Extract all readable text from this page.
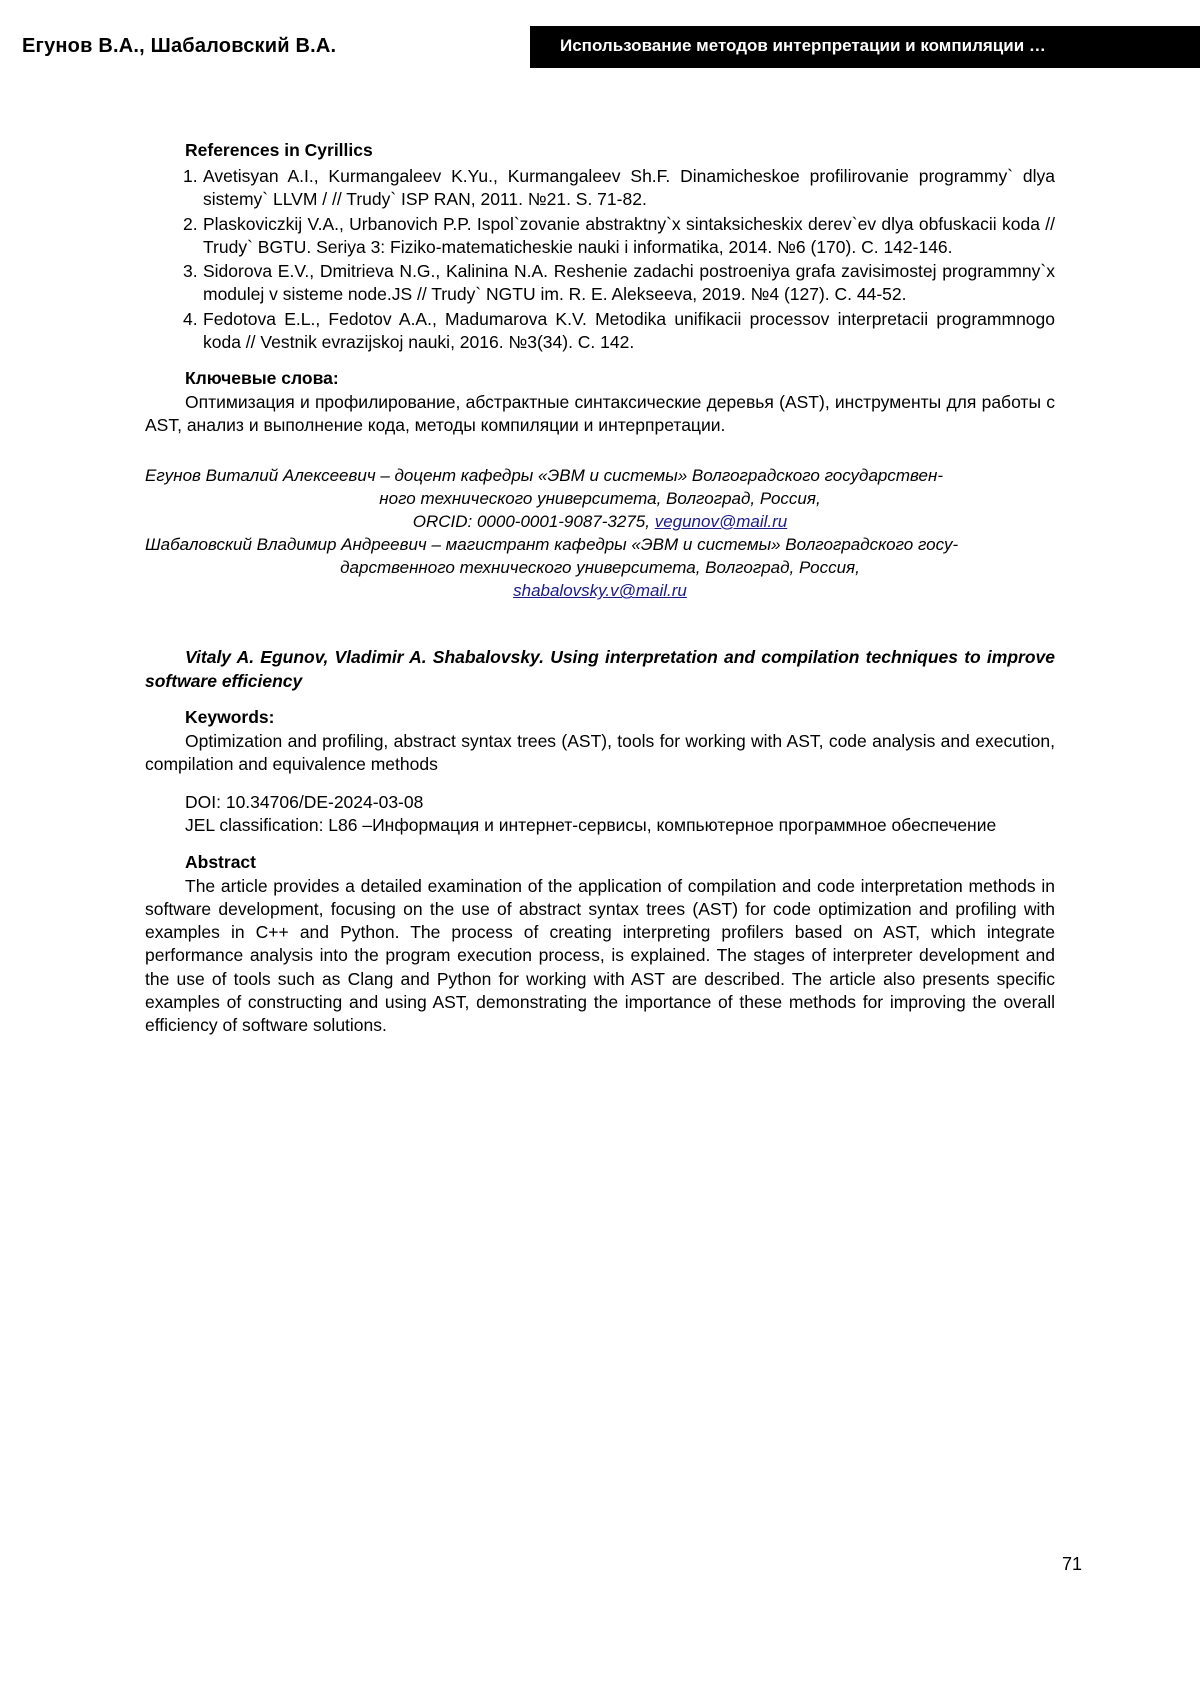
Егунов В.А., Шабаловский В.А.	Использование методов интерпретации и компиляции …
References in Cyrillics
1. Avetisyan A.I., Kurmangaleev K.Yu., Kurmangaleev Sh.F. Dinamicheskoe profilirovanie programmy` dlya sistemy` LLVM / // Trudy` ISP RAN, 2011. №21. S. 71-82.
2. Plaskoviczkij V.A., Urbanovich P.P. Ispol`zovanie abstraktny`x sintaksicheskix derev`ev dlya obfuskacii koda // Trudy` BGTU. Seriya 3: Fiziko-matematicheskie nauki i informatika, 2014. №6 (170). C. 142-146.
3. Sidorova E.V., Dmitrieva N.G., Kalinina N.A. Reshenie zadachi postroeniya grafa zavisimostej programmny`x modulej v sisteme node.JS // Trudy` NGTU im. R. E. Alekseeva, 2019. №4 (127). C. 44-52.
4. Fedotova E.L., Fedotov A.A., Madumarova K.V. Metodika unifikacii processov interpretacii programmnogo koda // Vestnik evrazijskoj nauki, 2016. №3(34). C. 142.
Ключевые слова:

Оптимизация и профилирование, абстрактные синтаксические деревья (AST), инструменты для работы с AST, анализ и выполнение кода, методы компиляции и интерпретации.

Егунов Виталий Алексеевич – доцент кафедры «ЭВМ и системы» Волгоградского государствен-
ного технического университета, Волгоград, Россия,
ORCID: 0000-0001-9087-3275, vegunov@mail.ru
Шабаловский Владимир Андреевич – магистрант кафедры «ЭВМ и системы» Волгоградского госу-
дарственного технического университета, Волгоград, Россия,
shabalovsky.v@mail.ru
Vitaly A. Egunov, Vladimir A. Shabalovsky. Using interpretation and compilation techniques to improve software efficiency
Keywords:

Optimization and profiling, abstract syntax trees (AST), tools for working with AST, code analysis and execution, compilation and equivalence methods

DOI: 10.34706/DE-2024-03-08
JEL classification: L86 –Информация и интернет-сервисы, компьютерное программное обеспечение
Abstract

The article provides a detailed examination of the application of compilation and code interpretation methods in software development, focusing on the use of abstract syntax trees (AST) for code optimization and profiling with examples in C++ and Python. The process of creating interpreting profilers based on AST, which integrate performance analysis into the program execution process, is explained. The stages of interpreter development and the use of tools such as Clang and Python for working with AST are described. The article also presents specific examples of constructing and using AST, demonstrating the importance of these methods for improving the overall efficiency of software solutions.

71
